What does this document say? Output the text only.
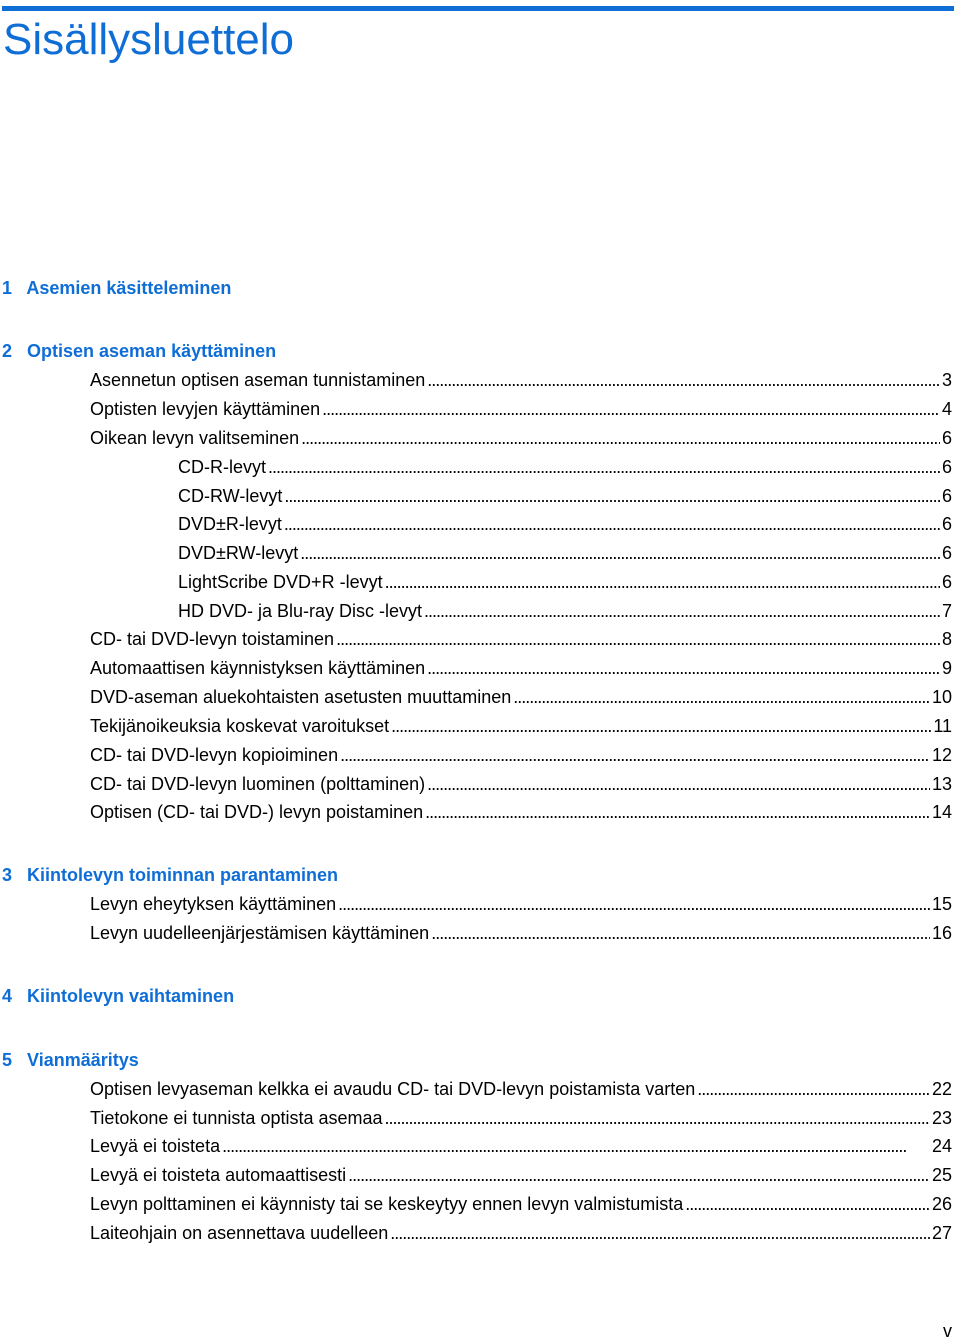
Sisällysluettelo
1 Asemien käsitteleminen
2 Optisen aseman käyttäminen
Asennetun optisen aseman tunnistaminen . . .	3
Optisten levyjen käyttäminen . . .	4
Oikean levyn valitseminen . . .	6
CD-R-levyt . . .	6
CD-RW-levyt . . .	6
DVD±R-levyt . . .	6
DVD±RW-levyt . . .	6
LightScribe DVD+R -levyt . . .	6
HD DVD- ja Blu-ray Disc -levyt . . .	7
CD- tai DVD-levyn toistaminen . . .	8
Automaattisen käynnistyksen käyttäminen . . .	9
DVD-aseman aluekohtaisten asetusten muuttaminen . . .	10
Tekijänoikeuksia koskevat varoitukset . . .	11
CD- tai DVD-levyn kopioiminen . . .	12
CD- tai DVD-levyn luominen (polttaminen) . . .	13
Optisen (CD- tai DVD-) levyn poistaminen . . .	14
3 Kiintolevyn toiminnan parantaminen
Levyn eheytyksen käyttäminen . . .	15
Levyn uudelleenjärjestämisen käyttäminen . . .	16
4 Kiintolevyn vaihtaminen
5 Vianmääritys
Optisen levyaseman kelkka ei avaudu CD- tai DVD-levyn poistamista varten . . .	22
Tietokone ei tunnista optista asemaa . . .	23
Levyä ei toisteta . . .	24
Levyä ei toisteta automaattisesti . . .	25
Levyn polttaminen ei käynnisty tai se keskeytyy ennen levyn valmistumista . . .	26
Laiteohjain on asennettava uudelleen . . .	27
v
